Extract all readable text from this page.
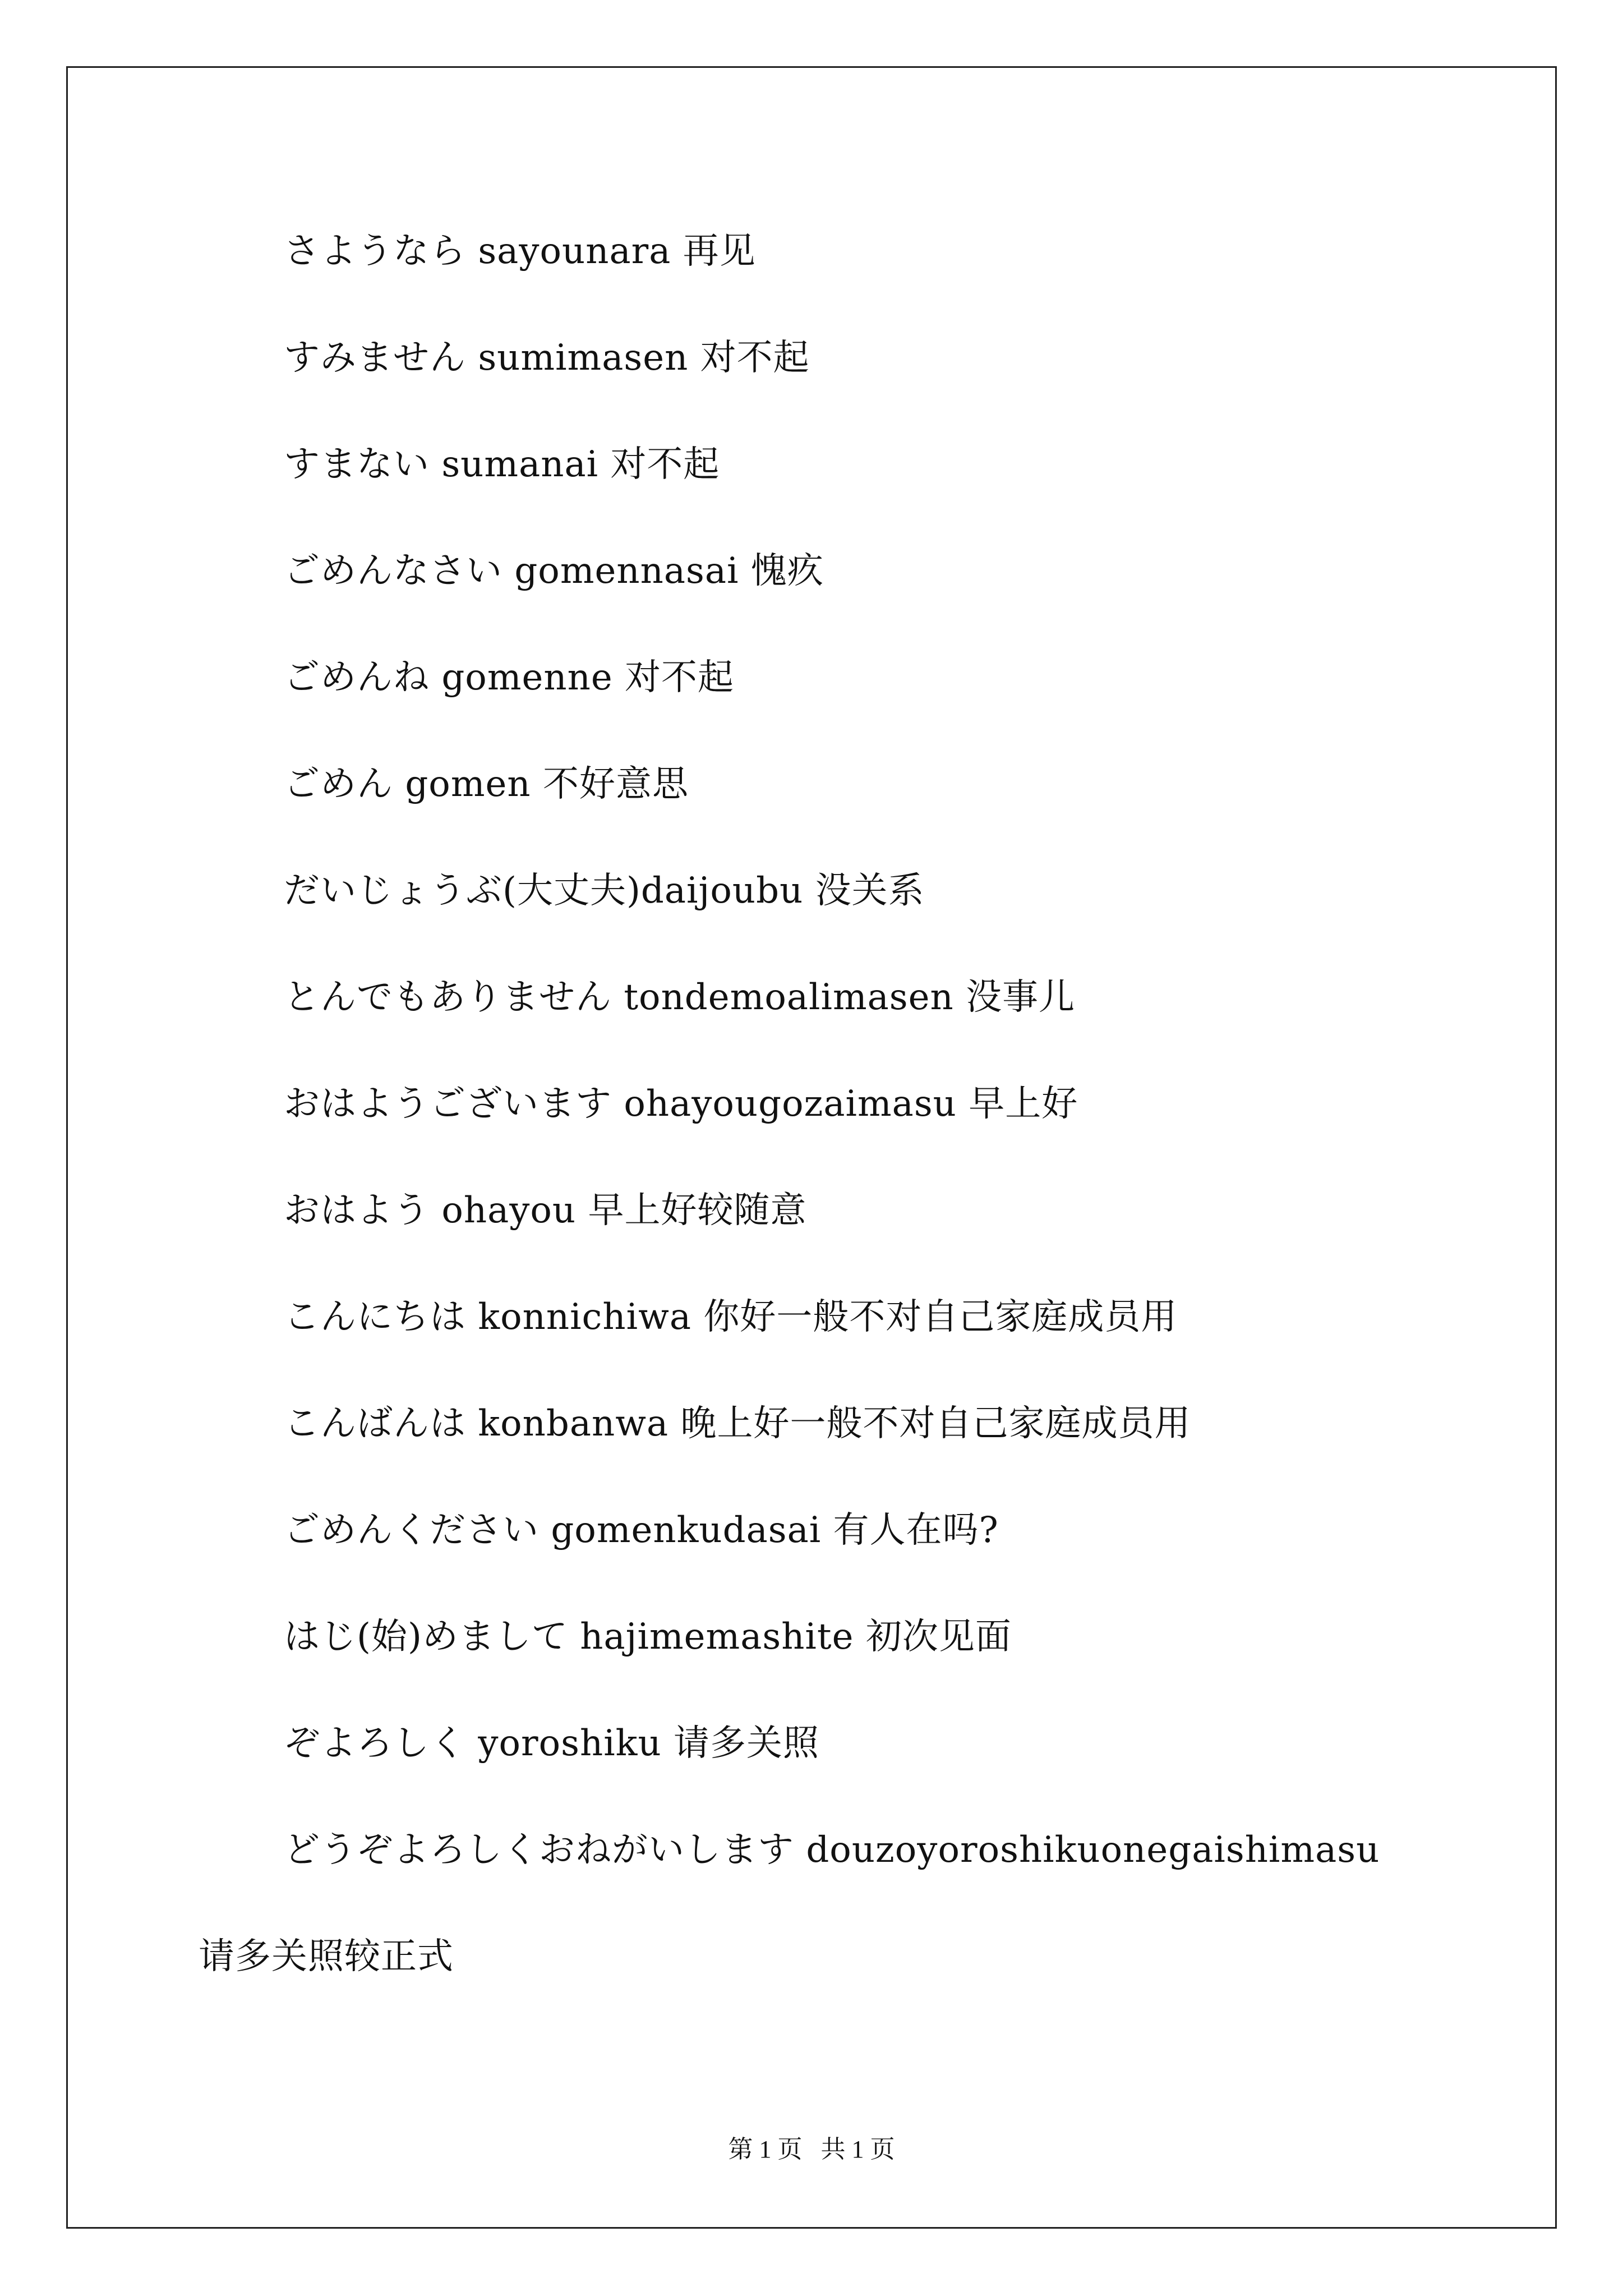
さようなら sayounara 再见
すみません sumimasen 对不起
すまない sumanai 对不起
ごめんなさい gomennasai 愧疚
ごめんね gomenne 对不起
ごめん gomen 不好意思
だいじょうぶ(大丈夫)daijoubu 没关系
とんでもありません tondemoalimasen 没事儿
おはようございます ohayougozaimasu 早上好
おはよう ohayou 早上好较随意
こんにちは konnichiwa 你好一般不对自己家庭成员用
こんばんは konbanwa 晚上好一般不对自己家庭成员用
ごめんください gomenkudasai 有人在吗?
はじ(始)めまして hajimemashite 初次见面
ぞよろしく yoroshiku 请多关照
どうぞよろしくおねがいします douzoyoroshikuonegaishimasu
请多关照较正式
第 1 页   共 1 页
